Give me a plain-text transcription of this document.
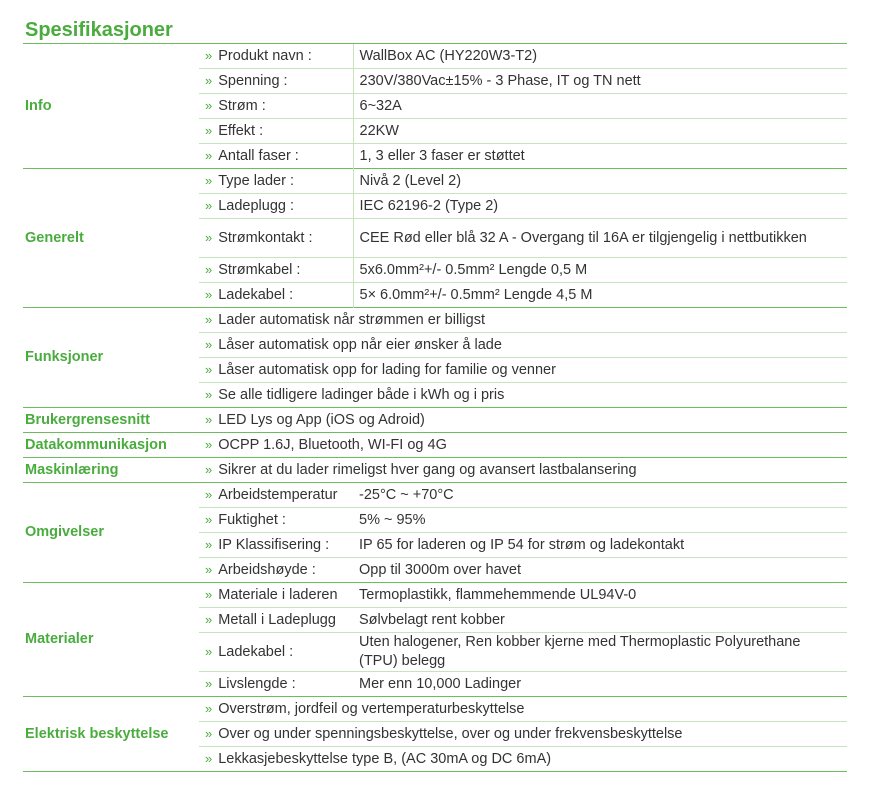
Spesifikasjoner
Info	» Produkt navn :	WallBox AC (HY220W3-T2)
	» Spenning :	230V/380Vac±15% - 3 Phase, IT og TN nett
	» Strøm :	6~32A
	» Effekt :	22KW
	» Antall faser :	1, 3 eller 3 faser er støttet
Generelt	» Type lader :	Nivå 2 (Level 2)
	» Ladeplugg :	IEC 62196-2 (Type 2)
	» Strømkontakt :	CEE Rød eller blå 32 A - Overgang til 16A er tilgjengelig i nettbutikken
	» Strømkabel :	5x6.0mm²+/- 0.5mm² Lengde 0,5 M
	» Ladekabel :	5× 6.0mm²+/- 0.5mm² Lengde 4,5 M
Funksjoner	» Lader automatisk når strømmen er billigst	
	» Låser automatisk opp når eier ønsker å lade	
	» Låser automatisk opp for lading for familie og venner	
	» Se alle tidligere ladinger både i kWh og i pris	
Brukergrensesnitt	» LED Lys og App (iOS og Adroid)	
Datakommunikasjon	» OCPP 1.6J, Bluetooth, WI-FI og 4G	
Maskinlæring	» Sikrer at du lader rimeligst hver gang og avansert lastbalansering	
Omgivelser	» Arbeidstemperatur	-25°C ~ +70°C
	» Fuktighet :	5% ~ 95%
	» IP Klassifisering :	IP 65 for laderen og IP 54 for strøm og ladekontakt
	» Arbeidshøyde :	Opp til 3000m over havet
Materialer	» Materiale i laderen	Termoplastikk, flammehemmende UL94V-0
	» Metall i Ladeplugg	Sølvbelagt rent kobber
	» Ladekabel :	Uten halogener, Ren kobber kjerne med Thermoplastic Polyurethane (TPU) belegg
	» Livslengde :	Mer enn 10,000 Ladinger
Elektrisk beskyttelse	» Overstrøm, jordfeil og vertemperaturbeskyttelse	
	» Over og under spenningsbeskyttelse, over og under frekvensbeskyttelse	
	» Lekkasjebeskyttelse type B, (AC 30mA og DC 6mA)	
